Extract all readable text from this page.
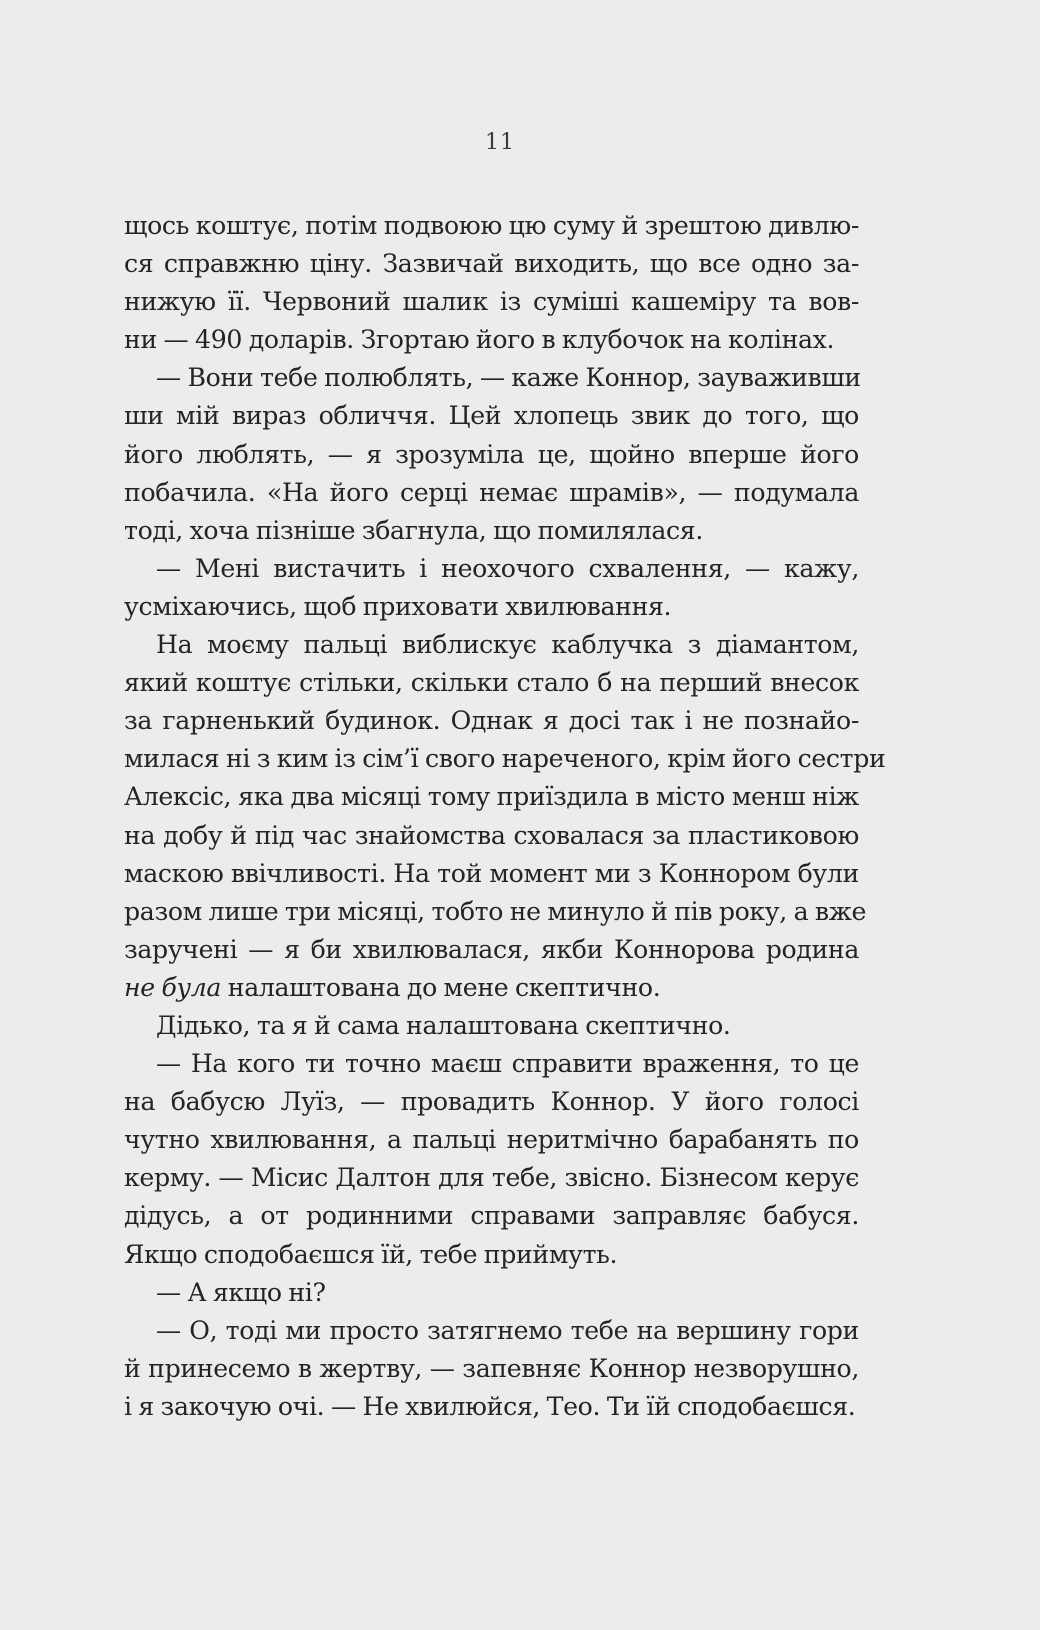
11
щось коштує, потім подвоюю цю суму й зрештою дивлю-
ся справжню ціну. Зазвичай виходить, що все одно за-
нижую її. Червоний шалик із суміші кашеміру та вов-
ни — 490 доларів. Згортаю його в клубочок на колінах.
— Вони тебе полюблять, — каже Коннор, зауваживши
ши мій вираз обличчя. Цей хлопець звик до того, що
його люблять, — я зрозуміла це, щойно вперше його
побачила. «На його серці немає шрамів», — подумала
тоді, хоча пізніше збагнула, що помилялася.
— Мені вистачить і неохочого схвалення, — кажу,
усміхаючись, щоб приховати хвилювання.
На моєму пальці виблискує каблучка з діамантом,
який коштує стільки, скільки стало б на перший внесок
за гарненький будинок. Однак я досі так і не познайо-
милася ні з ким із сім’ї свого нареченого, крім його сестри
Алексіс, яка два місяці тому приїздила в місто менш ніж
на добу й під час знайомства сховалася за пластиковою
маскою ввічливості. На той момент ми з Коннором були
разом лише три місяці, тобто не минуло й пів року, а вже
заручені — я би хвилювалася, якби Коннорова родина
не була налаштована до мене скептично.
Дідько, та я й сама налаштована скептично.
— На кого ти точно маєш справити враження, то це
на бабусю Луїз, — провадить Коннор. У його голосі
чутно хвилювання, а пальці неритмічно барабанять по
керму. — Місис Далтон для тебе, звісно. Бізнесом керує
дідусь, а от родинними справами заправляє бабуся.
Якщо сподобаєшся їй, тебе приймуть.
— А якщо ні?
— О, тоді ми просто затягнемо тебе на вершину гори
й принесемо в жертву, — запевняє Коннор незворушно,
і я закочую очі. — Не хвилюйся, Тео. Ти їй сподобаєшся.
